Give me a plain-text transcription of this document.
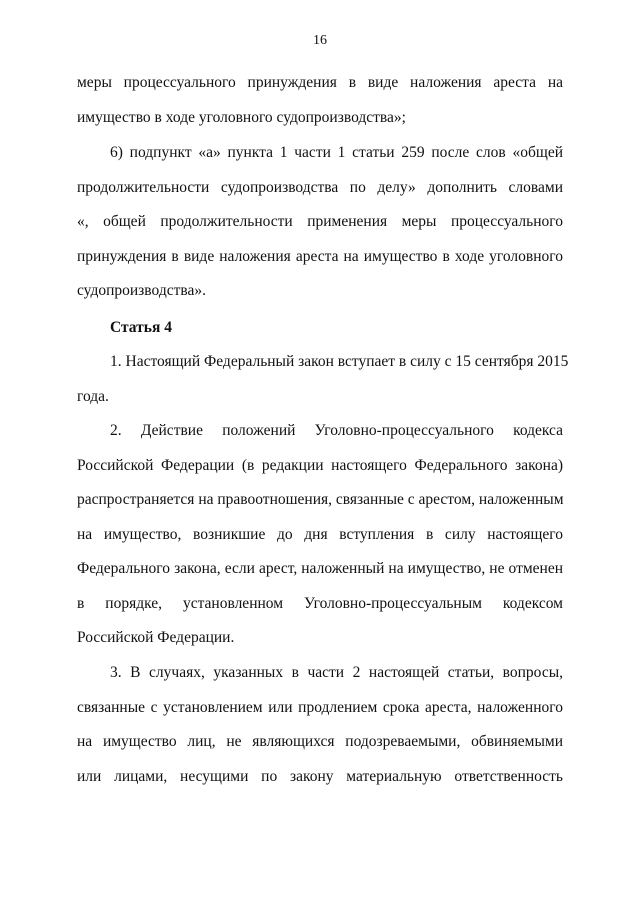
16
меры процессуального принуждения в виде наложения ареста на
имущество в ходе уголовного судопроизводства»;
6) подпункт «а» пункта 1 части 1 статьи 259 после слов «общей
продолжительности судопроизводства по делу» дополнить словами
«, общей продолжительности применения меры процессуального
принуждения в виде наложения ареста на имущество в ходе уголовного
судопроизводства».
Статья 4
1. Настоящий Федеральный закон вступает в силу с 15 сентября 2015
года.
2. Действие положений Уголовно-процессуального кодекса
Российской Федерации (в редакции настоящего Федерального закона)
распространяется на правоотношения, связанные с арестом, наложенным
на имущество, возникшие до дня вступления в силу настоящего
Федерального закона, если арест, наложенный на имущество, не отменен
в порядке, установленном Уголовно-процессуальным кодексом
Российской Федерации.
3. В случаях, указанных в части 2 настоящей статьи, вопросы,
связанные с установлением или продлением срока ареста, наложенного
на имущество лиц, не являющихся подозреваемыми, обвиняемыми
или лицами, несущими по закону материальную ответственность
